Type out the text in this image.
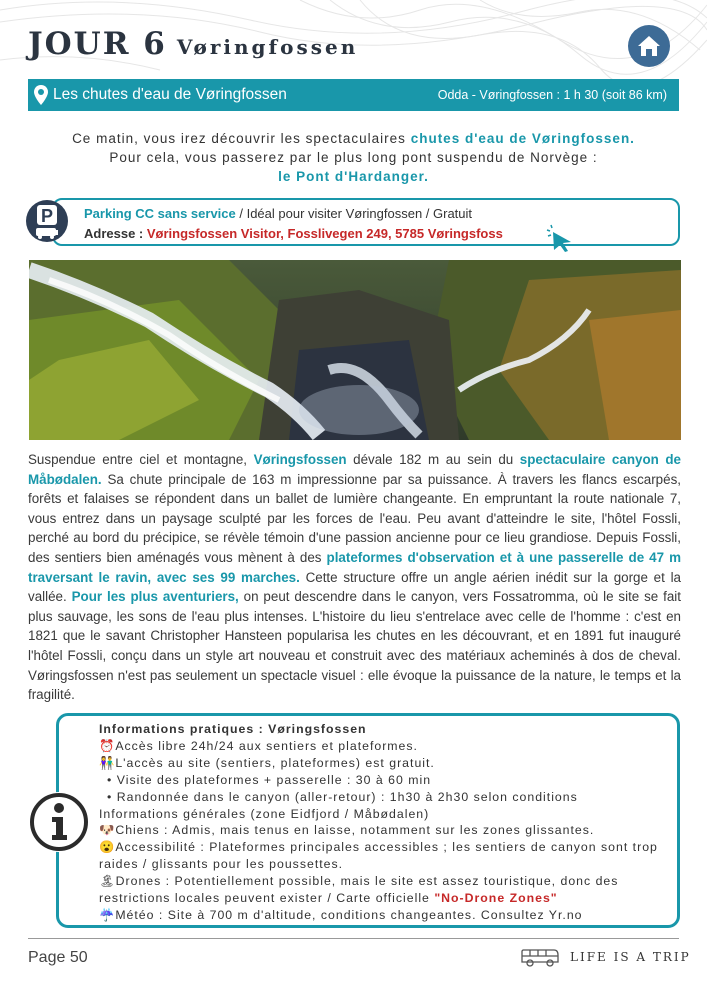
JOUR 6 Vøringfossen
Les chutes d'eau de Vøringfossen	Odda - Vøringfossen : 1 h 30 (soit 86 km)
Ce matin, vous irez découvrir les spectaculaires chutes d'eau de Vøringfossen.
Pour cela, vous passerez par le plus long pont suspendu de Norvège :
le Pont d'Hardanger.
Parking CC sans service / Idéal pour visiter Vøringfossen / Gratuit
Adresse : Vøringsfossen Visitor, Fosslivegen 249, 5785 Vøringsfoss
P
Suspendue entre ciel et montagne, Vøringsfossen dévale 182 m au sein du spectaculaire canyon de Måbødalen. Sa chute principale de 163 m impressionne par sa puissance. À travers les flancs escarpés, forêts et falaises se répondent dans un ballet de lumière changeante. En empruntant la route nationale 7, vous entrez dans un paysage sculpté par les forces de l'eau. Peu avant d'atteindre le site, l'hôtel Fossli, perché au bord du précipice, se révèle témoin d'une passion ancienne pour ce lieu grandiose. Depuis Fossli, des sentiers bien aménagés vous mènent à des plateformes d'observation et à une passerelle de 47 m traversant le ravin, avec ses 99 marches. Cette structure offre un angle aérien inédit sur la gorge et la vallée. Pour les plus aventuriers, on peut descendre dans le canyon, vers Fossatromma, où le site se fait plus sauvage, les sons de l'eau plus intenses. L'histoire du lieu s'entrelace avec celle de l'homme : c'est en 1821 que le savant Christopher Hansteen popularisa les chutes en les découvrant, et en 1891 fut inauguré l'hôtel Fossli, conçu dans un style art nouveau et construit avec des matériaux acheminés à dos de cheval. Vøringsfossen n'est pas seulement un spectacle visuel : elle évoque la puissance de la nature, le temps et la fragilité.
Informations pratiques : Vøringsfossen
⏰Accès libre 24h/24 aux sentiers et plateformes.
👫L'accès au site (sentiers, plateformes) est gratuit.
• Visite des plateformes + passerelle : 30 à 60 min
• Randonnée dans le canyon (aller-retour) : 1h30 à 2h30 selon conditions
Informations générales (zone Eidfjord / Måbødalen)
🐶Chiens : Admis, mais tenus en laisse, notamment sur les zones glissantes.
😮Accessibilité : Plateformes principales accessibles ; les sentiers de canyon sont trop raides / glissants pour les poussettes.
🏝Drones : Potentiellement possible, mais le site est assez touristique, donc des restrictions locales peuvent exister / Carte officielle "No-Drone Zones"
☔Météo : Site à 700 m d'altitude, conditions changeantes. Consultez Yr.no
Page 50	LIFE IS A TRIP
